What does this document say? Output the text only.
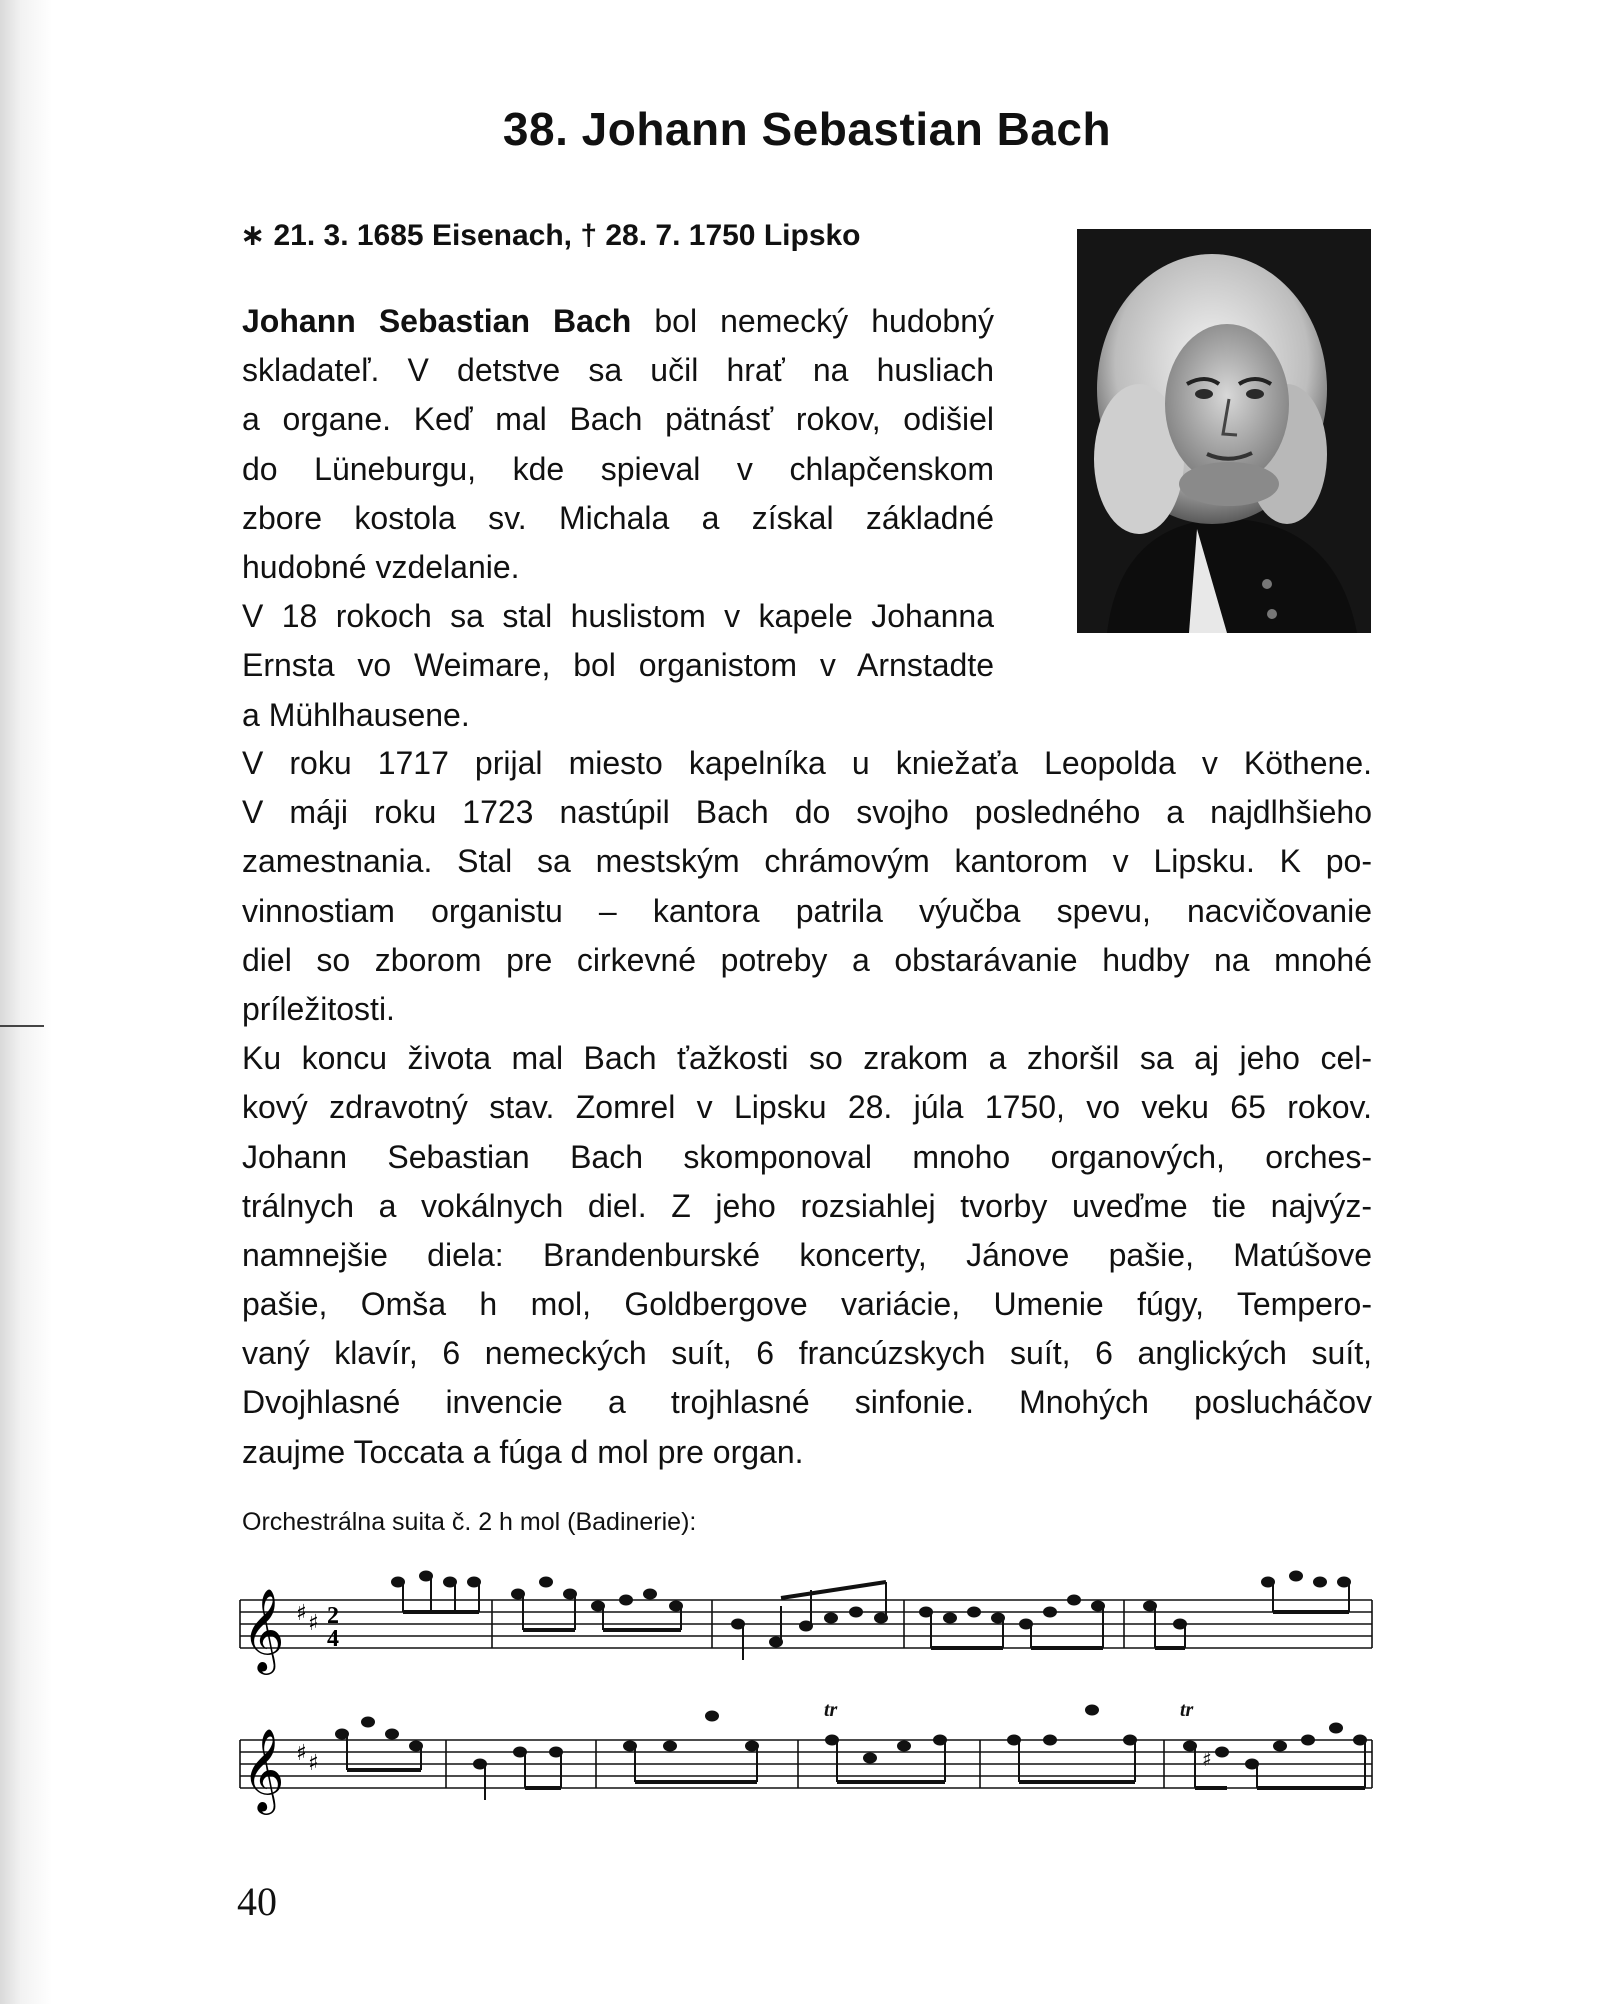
38. Johann Sebastian Bach
∗ 21. 3. 1685 Eisenach, † 28. 7. 1750 Lipsko
Johann Sebastian Bach bol nemecký hudobný
skladateľ. V detstve sa učil hrať na husliach
a organe. Keď mal Bach pätnásť rokov, odišiel
do Lüneburgu, kde spieval v chlapčenskom
zbore kostola sv. Michala a získal základné
hudobné vzdelanie.
V 18 rokoch sa stal huslistom v kapele Johanna
Ernsta vo Weimare, bol organistom v Arnstadte
a Mühlhausene.
V roku 1717 prijal miesto kapelníka u kniežaťa Leopolda v Köthene.
V máji roku 1723 nastúpil Bach do svojho posledného a najdlhšieho
zamestnania. Stal sa mestským chrámovým kantorom v Lipsku. K po-
vinnostiam organistu – kantora patrila výučba spevu, nacvičovanie
diel so zborom pre cirkevné potreby a obstarávanie hudby na mnohé
príležitosti.
Ku koncu života mal Bach ťažkosti so zrakom a zhoršil sa aj jeho cel-
kový zdravotný stav. Zomrel v Lipsku 28. júla 1750, vo veku 65 rokov.
Johann Sebastian Bach skomponoval mnoho organových, orches-
trálnych a vokálnych diel. Z jeho rozsiahlej tvorby uveďme tie najvýz-
namnejšie diela: Brandenburské koncerty, Jánove pašie, Matúšove
pašie, Omša h mol, Goldbergove variácie, Umenie fúgy, Tempero-
vaný klavír, 6 nemeckých suít, 6 francúzskych suít, 6 anglických suít,
Dvojhlasné invencie a trojhlasné sinfonie. Mnohých poslucháčov
zaujme Toccata a fúga d mol pre organ.
Orchestrálna suita č. 2 h mol (Badinerie):
𝄞 ♯ ♯ 2
4
𝄞 ♯ ♯
tr	tr
♯
40
